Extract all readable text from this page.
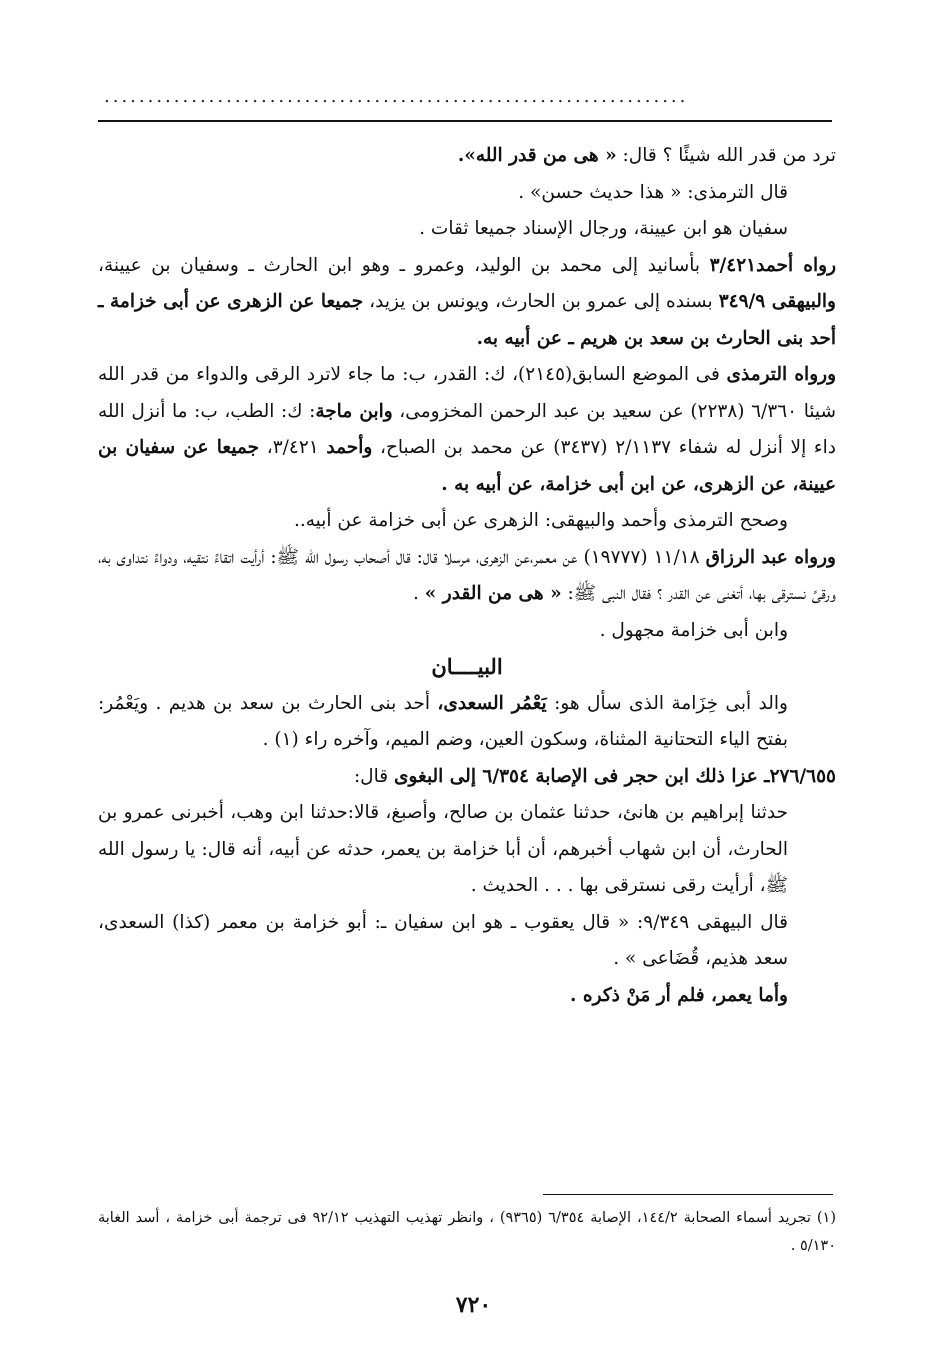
...................................................................

ترد من قدر الله شيئًا ؟ قال: « هى من قدر الله».

قال الترمذى: « هذا حديث حسن» .

سفيان هو ابن عيينة، ورجال الإسناد جميعا ثقات .

رواه أحمد٣/٤٢١ بأسانيد إلى محمد بن الوليد، وعمرو ـ وهو ابن الحارث ـ وسفيان بن عيينة، والبيهقى ٣٤٩/٩ بسنده إلى عمرو بن الحارث، ويونس بن يزيد، جميعا عن الزهرى عن أبى خزامة ـ أحد بنى الحارث بن سعد بن هريم ـ عن أبيه به.

ورواه الترمذى فى الموضع السابق(٢١٤٥)، ك: القدر، ب: ما جاء لاترد الرقى والدواء من قدر الله شيئا ٦/٣٦٠ (٢٢٣٨) عن سعيد بن عبد الرحمن المخزومى، وابن ماجة: ك: الطب، ب: ما أنزل الله داء إلا أنزل له شفاء ٢/١١٣٧ (٣٤٣٧) عن محمد بن الصباح، وأحمد ٣/٤٢١، جميعا عن سفيان بن عيينة، عن الزهرى، عن ابن أبى خزامة، عن أبيه به .

وصحح الترمذى وأحمد والبيهقى: الزهرى عن أبى خزامة عن أبيه..

ورواه عبد الرزاق ١١/١٨ (١٩٧٧٧) عن معمر،عن الزهرى، مرسلا قال: قال أصحاب رسول الله ﷺ: أرأيت اتقاءً نتقيه، ودواءً نتداوى به، ورقىً نسترقى بها، أتغنى عن القدر ؟ فقال النبى ﷺ: « هى من القدر » .

وابن أبى خزامة مجهول .

البيــــان

والد أبى خِزَامة الذى سأل هو: يَعْمُر السعدى، أحد بنى الحارث بن سعد بن هديم . ويَعْمُر: بفتح الياء التحتانية المثناة، وسكون العين، وضم الميم، وآخره راء (١) .

٢٧٦/٦٥٥ـ عزا ذلك ابن حجر فى الإصابة ٦/٣٥٤ إلى البغوى قال:

حدثنا إبراهيم بن هانئ، حدثنا عثمان بن صالح، وأصبغ، قالا:حدثنا ابن وهب، أخبرنى عمرو بن الحارث، أن ابن شهاب أخبرهم، أن أبا خزامة بن يعمر، حدثه عن أبيه، أنه قال: يا رسول الله ﷺ، أرأيت رقى نسترقى بها . . . الحديث .

قال البيهقى ٩/٣٤٩: « قال يعقوب ـ هو ابن سفيان ـ: أبو خزامة بن معمر (كذا) السعدى، سعد هذيم، قُضَاعى » .

وأما يعمر، فلم أر مَنْ ذكره .

(١) تجريد أسماء الصحابة ١٤٤/٢، الإصابة ٦/٣٥٤ (٩٣٦٥) ، وانظر تهذيب التهذيب ٩٢/١٢ فى ترجمة أبى خزامة ، أسد الغابة ٥/١٣٠ .
٧٢٠
